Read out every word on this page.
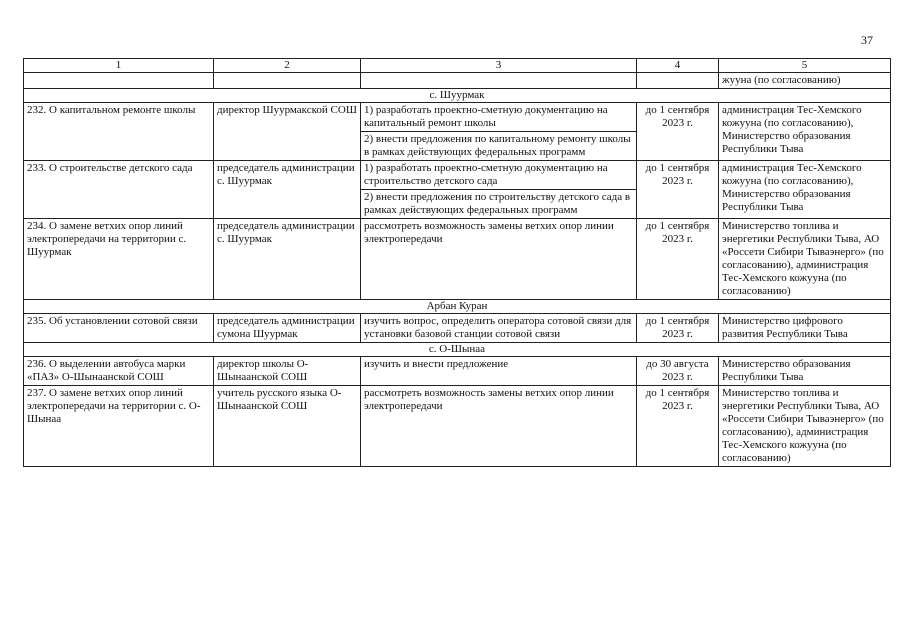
37
1	2	3	4	5
				жууна (по согласованию)
с. Шуурмак				
232. О капитальном ремонте школы	директор Шуурмакской СОШ	1) разработать проектно-сметную документацию на капитальный ремонт школы
2) внести предложения по капитальному ремонту школы в рамках действующих федеральных программ	до 1 сентября 2023 г.	администрация Тес-Хемского кожууна (по согласованию), Министерство образования Республики Тыва
233. О строительстве детского сада	председатель администрации с. Шуурмак	1) разработать проектно-сметную документацию на строительство детского сада
2) внести предложения по строительству детского сада в рамках действующих федеральных программ	до 1 сентября 2023 г.	администрация Тес-Хемского кожууна (по согласованию), Министерство образования Республики Тыва
234. О замене ветхих опор линий электропередачи на территории с. Шуурмак	председатель администрации с. Шуурмак	рассмотреть возможность замены ветхих опор линии электропередачи	до 1 сентября 2023 г.	Министерство топлива и энергетики Республики Тыва, АО «Россети Сибири Тываэнерго» (по согласованию), администрация Тес-Хемского кожууна (по согласованию)
Арбан Куран				
235. Об установлении сотовой связи	председатель администрации сумона Шуурмак	изучить вопрос, определить оператора сотовой связи для установки базовой станции сотовой связи	до 1 сентября 2023 г.	Министерство цифрового развития Республики Тыва
с. О-Шынаа				
236. О выделении автобуса марки «ПАЗ» О-Шынаанской СОШ	директор школы О-Шынаанской СОШ	изучить и внести предложение	до 30 августа 2023 г.	Министерство образования Республики Тыва
237. О замене ветхих опор линий электропередачи на территории с. О-Шынаа	учитель русского языка О-Шынаанской СОШ	рассмотреть возможность замены ветхих опор линии электропередачи	до 1 сентября 2023 г.	Министерство топлива и энергетики Республики Тыва, АО «Россети Сибири Тываэнерго» (по согласованию), администрация Тес-Хемского кожууна (по согласованию)
